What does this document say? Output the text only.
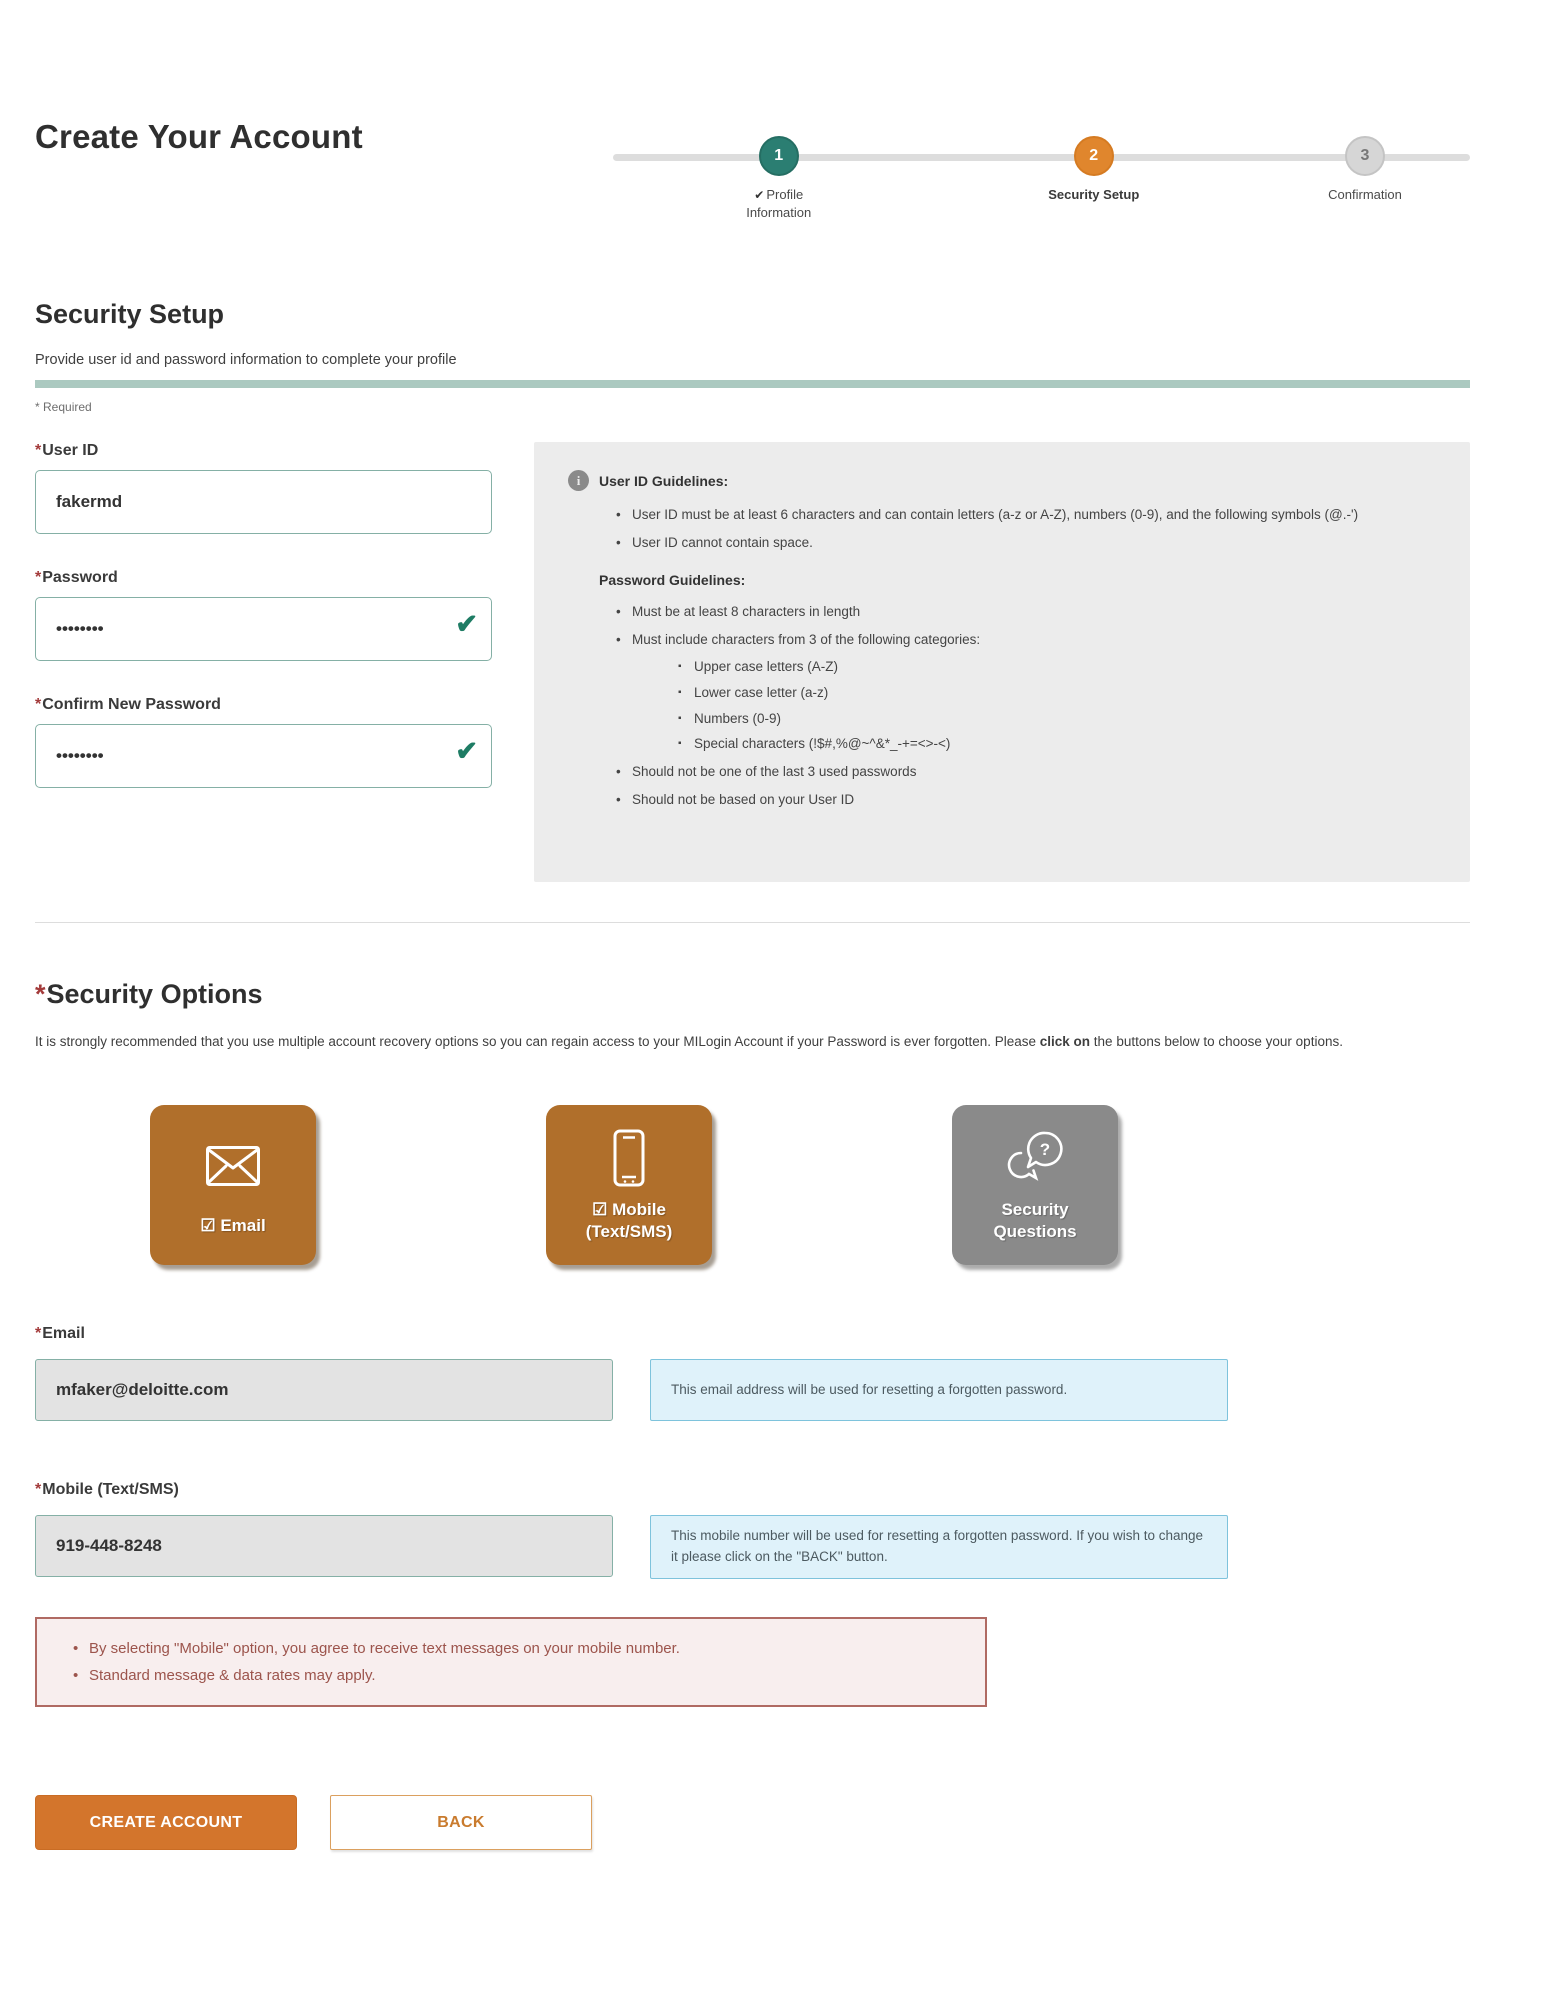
Create Your Account
1
✔ Profile
Information
2
Security Setup
3
Confirmation
Security Setup
Provide user id and password information to complete your profile
* Required
*User ID
fakermd
*Password
••••••••
✔
*Confirm New Password
••••••••
✔
i	User ID Guidelines:
• User ID must be at least 6 characters and can contain letters (a-z or A-Z), numbers (0-9), and the following symbols (@.-')
• User ID cannot contain space.
Password Guidelines:
• Must be at least 8 characters in length
• Must include characters from 3 of the following categories:
▪ Upper case letters (A-Z)
▪ Lower case letter (a-z)
▪ Numbers (0-9)
▪ Special characters (!$#,%@~^&*_-+=<>-<)
• Should not be one of the last 3 used passwords
• Should not be based on your User ID
*Security Options
It is strongly recommended that you use multiple account recovery options so you can regain access to your MILogin Account if your Password is ever forgotten. Please click on the buttons below to choose your options.
☑ Email
☑ Mobile
(Text/SMS)
?
Security
Questions
*Email
mfaker@deloitte.com
This email address will be used for resetting a forgotten password.
*Mobile (Text/SMS)
919-448-8248
This mobile number will be used for resetting a forgotten password. If you wish to change it please click on the "BACK" button.
• By selecting "Mobile" option, you agree to receive text messages on your mobile number.
• Standard message & data rates may apply.
CREATE ACCOUNT	BACK
